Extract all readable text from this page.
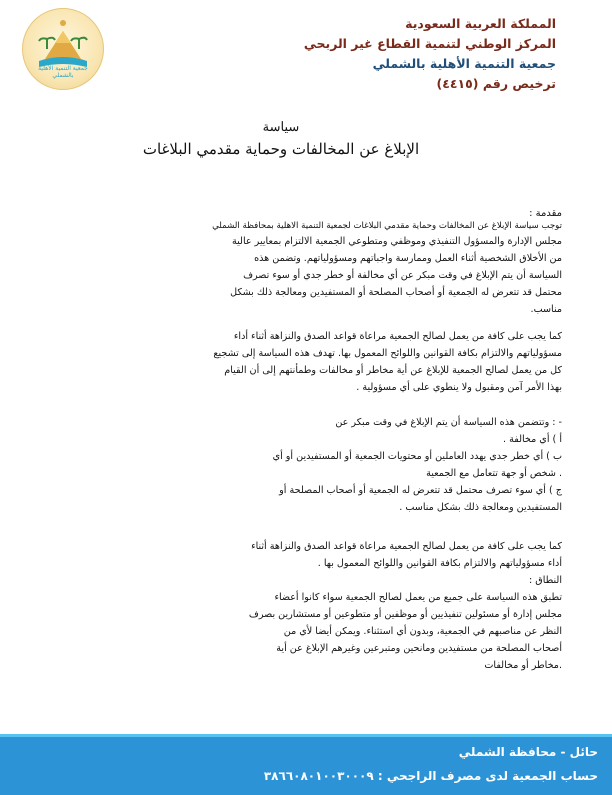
جمعية التنمية الأهلية بالشملي
المملكة العربية السعودية
المركز الوطني لتنمية القطاع غير الربحي
جمعية التنمية الأهلية بالشملي
ترخيص رقم (٤٤١٥)
سياسة
الإبلاغ عن المخالفات وحماية مقدمي البلاغات

مقدمة :

توجب سياسة الإبلاغ عن المخالفات وحماية مقدمي البلاغات لجمعية التنمية الاهلية بمحافظة الشملي

مجلس الإدارة والمسؤول التنفيذي وموظفي ومتطوعي الجمعية الالتزام بمعايير عالية

من الأخلاق الشخصية أثناء العمل وممارسة واجباتهم ومسؤولياتهم. وتضمن هذه

السياسة أن يتم الإبلاغ في وقت مبكر عن أي مخالفة أو خطر جدي أو سوء تصرف

محتمل قد تتعرض له الجمعية أو أصحاب المصلحة أو المستفيدين ومعالجة ذلك بشكل

مناسب.

كما يجب على كافة من يعمل لصالح الجمعية مراعاة قواعد الصدق والنزاهة أثناء أداء

مسؤولياتهم والالتزام بكافة القوانين واللوائح المعمول بها. تهدف هذه السياسة إلى تشجيع

كل من يعمل لصالح الجمعية للإبلاغ عن أية مخاطر أو مخالفات وطمأنتهم إلى أن القيام

بهذا الأمر آمن ومقبول ولا ينطوي على أي مسؤولية .

- : وتتضمن هذه السياسة أن يتم الإبلاغ في وقت مبكر عن

أ ) أي مخالفة .

ب ) أي خطر جدي يهدد العاملين أو محتويات الجمعية أو المستفيدين أو أي

. شخص أو جهة تتعامل مع الجمعية

ج ) أي سوء تصرف محتمل قد تتعرض له الجمعية أو أصحاب المصلحة أو

المستفيدين ومعالجة ذلك بشكل مناسب .

كما يجب على كافة من يعمل لصالح الجمعية مراعاة قواعد الصدق والنزاهة أثناء

أداء مسؤولياتهم والالتزام بكافة القوانين واللوائح المعمول بها .

النطاق :

تطبق هذه السياسة على جميع من يعمل لصالح الجمعية سواء كانوا أعضاء

مجلس إدارة أو مسئولين تنفيذيين أو موظفين أو متطوعين أو مستشارين بصرف

النظر عن مناصبهم في الجمعية، وبدون أي استثناء. ويمكن أيضا لأي من

أصحاب المصلحة من مستفيدين ومانحين ومتبرعين وغيرهم الإبلاغ عن أية

.مخاطر أو مخالفات

حائل - محافظة الشملي
حساب الجمعية لدى مصرف الراجحي : ٣٨٦٦٠٨٠١٠٠٣٠٠٠٩
